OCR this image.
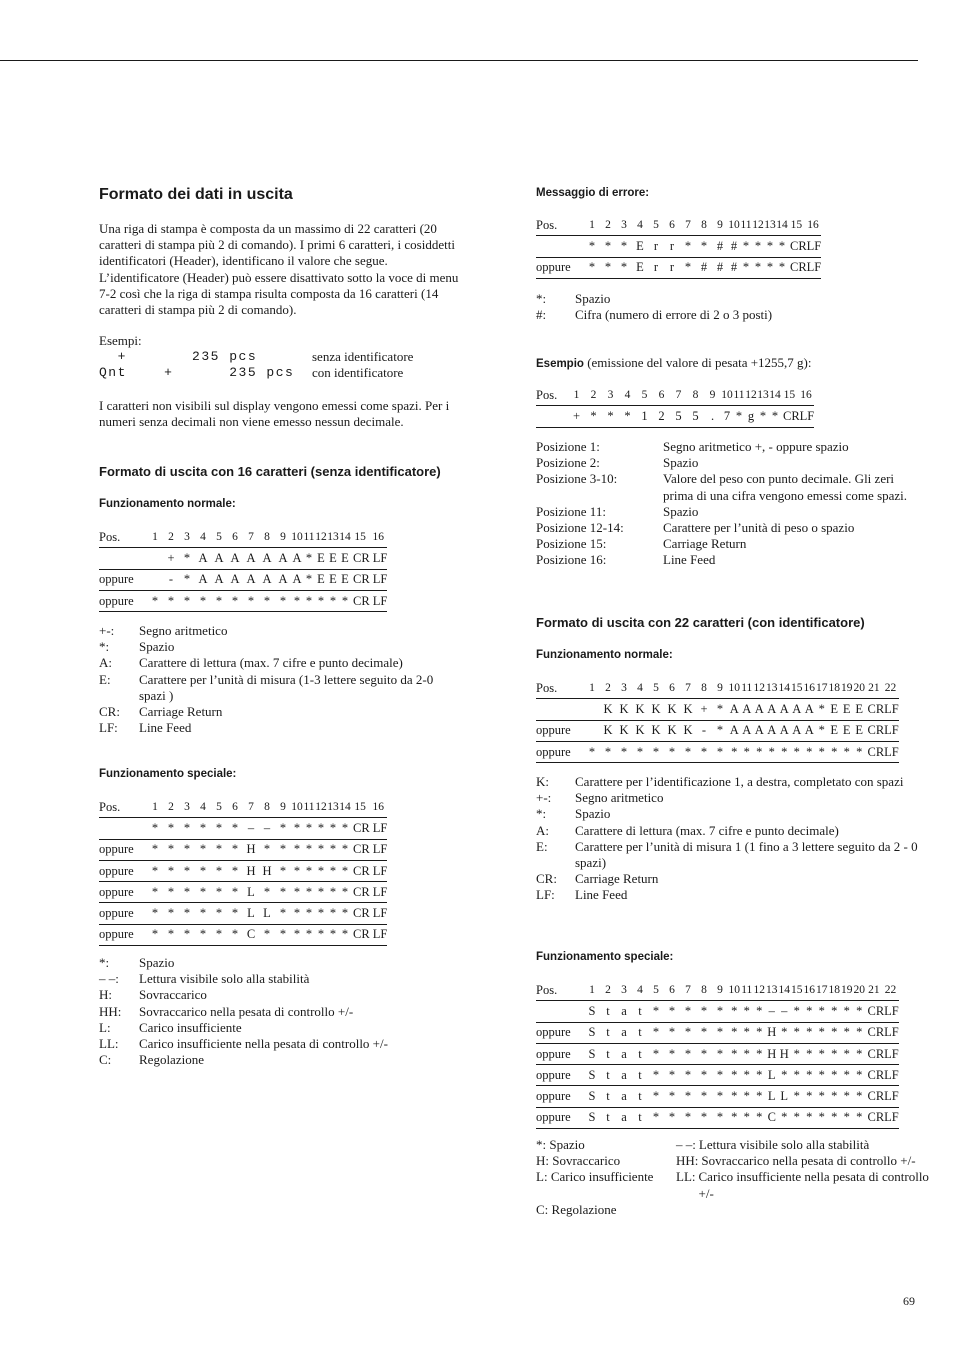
Formato dei dati in uscita
Una riga di stampa è composta da un massimo di 22 caratteri (20 caratteri di stampa più 2 di comando). I primi 6 caratteri, i cosiddetti identificatori (Header), identificano il valore che segue. L’identificatore (Header) può essere disattivato sotto la voce di menu 7-2 così che la riga di stampa risulta composta da 16 caratteri (14 caratteri di stampa più 2 di comando).
Esempi:
+       235 pcs	senza identificatore
Qnt    +      235 pcs con identificatore
I caratteri non visibili sul display vengono emessi come spazi. Per i numeri senza decimali non viene emesso nessun decimale.
Formato di uscita con 16 caratteri (senza identificatore)
Funzionamento normale:
Pos.	1	2	3	4	5	6	7	8	9	10	11	12	13	14	15	16
		+	*	A	A	A	A	A	A	A	*	E	E	E	CR LF	
oppure		-	*	A	A	A	A	A	A	A	*	E	E	E	CR LF	
oppure	*	*	*	*	*	*	*	*	*	*	*	*	*	*	CR LF	
+-:	Segno aritmetico
*:	Spazio
A:	Carattere di lettura (max. 7 cifre e punto decimale)
E:	Carattere per l’unità di misura (1-3 lettere seguito da 2-0 spazi )
CR:	Carriage Return
LF:	Line Feed
Funzionamento speciale:
Pos.	1	2	3	4	5	6	7	8	9	10	11	12	13	14	15	16
	*	*	*	*	*	*	–	–	*	*	*	*	*	*	CR LF	
oppure	*	*	*	*	*	*	H	*	*	*	*	*	*	*	CR LF	
oppure	*	*	*	*	*	*	H	H	*	*	*	*	*	*	CR LF	
oppure	*	*	*	*	*	*	L	*	*	*	*	*	*	*	CR LF	
oppure	*	*	*	*	*	*	L	L	*	*	*	*	*	*	CR LF	
oppure	*	*	*	*	*	*	C	*	*	*	*	*	*	*	CR LF	
*:	Spazio
– –:	Lettura visibile solo alla stabilità
H:	Sovraccarico
HH:	Sovraccarico nella pesata di controllo +/-
L:	Carico insufficiente
LL:	Carico insufficiente nella pesata di controllo +/-
C:	Regolazione
Messaggio di errore:
Pos.	1	2	3	4	5	6	7	8	9	10	11	12	13	14	15	16
	*	*	*	E	r	r	*	*	#	#	*	*	*	*	CRLF	
oppure	*	*	*	E	r	r	*	#	#	#	*	*	*	*	CRLF	
*:	Spazio
#:	Cifra (numero di errore di 2 o 3 posti)
Esempio (emissione del valore di pesata +1255,7 g):
Pos.	1	2	3	4	5	6	7	8	9	10	11	12	13	14	15	16
	+	*	*	*	1	2	5	5	.	7	*	g	*	*	CRLF	
Posizione 1:	Segno aritmetico +, - oppure spazio
Posizione 2:	Spazio
Posizione 3-10:	Valore del peso con punto decimale. Gli zeri prima di una cifra vengono emessi come spazi.
Posizione 11:	Spazio
Posizione 12-14:	Carattere per l’unità di peso o spazio
Posizione 15:	Carriage Return
Posizione 16:	Line Feed
Formato di uscita con 22 caratteri (con identificatore)
Funzionamento normale:
Pos.	1	2	3	4	5	6	7	8	9	10	11	12	13	14	15	16	17	18	19	20	21	22
		K	K	K	K	K	K	+	*	A	A	A	A	A	A	A	*	E	E	E	CRLF	
oppure		K	K	K	K	K	K	-	*	A	A	A	A	A	A	A	*	E	E	E	CRLF	
oppure	*	*	*	*	*	*	*	*	*	*	*	*	*	*	*	*	*	*	*	*	CRLF	
K:	Carattere per l’identificazione 1, a destra, completato con spazi
+-:	Segno aritmetico
*:	Spazio
A:	Carattere di lettura (max. 7 cifre e punto decimale)
E:	Carattere per l’unità di misura 1 (1 fino a 3 lettere seguito da 2 - 0 spazi)
CR:	Carriage Return
LF:	Line Feed
Funzionamento speciale:
Pos.	1	2	3	4	5	6	7	8	9	10	11	12	13	14	15	16	17	18	19	20	21	22
	S	t	a	t	*	*	*	*	*	*	*	*	–	–	*	*	*	*	*	*	CRLF	
oppure	S	t	a	t	*	*	*	*	*	*	*	*	H	*	*	*	*	*	*	*	CRLF	
oppure	S	t	a	t	*	*	*	*	*	*	*	*	H	H	*	*	*	*	*	*	CRLF	
oppure	S	t	a	t	*	*	*	*	*	*	*	*	L	*	*	*	*	*	*	*	CRLF	
oppure	S	t	a	t	*	*	*	*	*	*	*	*	L	L	*	*	*	*	*	*	CRLF	
oppure	S	t	a	t	*	*	*	*	*	*	*	*	C	*	*	*	*	*	*	*	CRLF	
*: Spazio	– –: Lettura visibile solo alla stabilità
H: Sovraccarico	HH: Sovraccarico nella pesata di controllo +/-
L: Carico insufficiente	LL: Carico insufficiente nella pesata di controllo +/-
C: Regolazione
69
